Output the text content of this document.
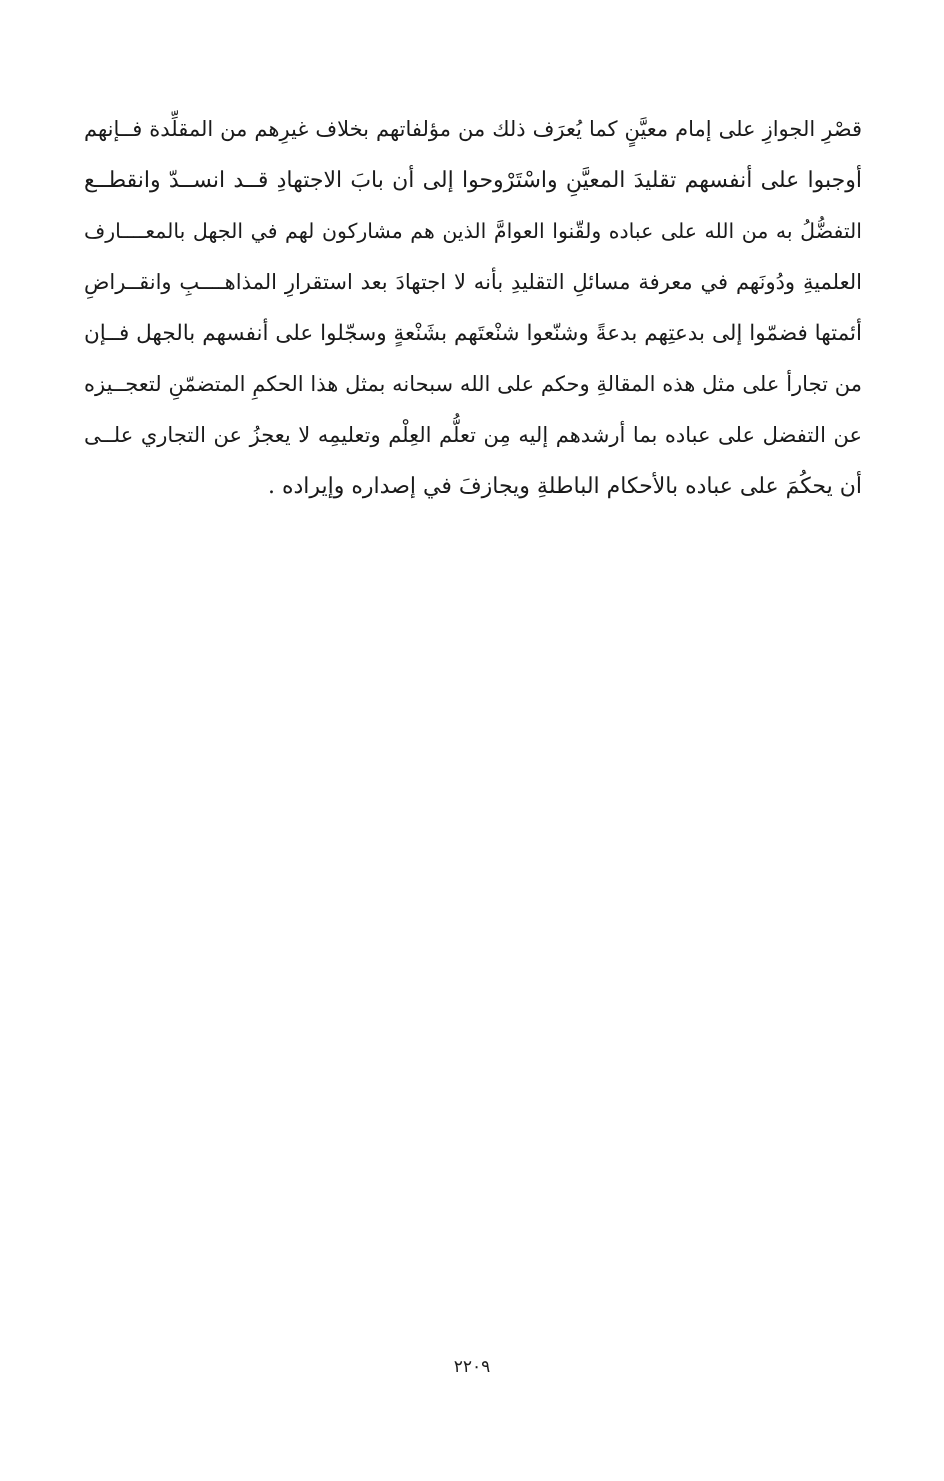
قصْرِ الجوازِ على إمام معيَّنٍ كما يُعرَف ذلك من مؤلفاتهم بخلاف غيرِهم من المقلِّدة فــإنهم
أوجبوا على أنفسهم تقليدَ المعيَّنِ واسْتَرْوحوا إلى أن بابَ الاجتهادِ قــد انســدّ وانقطــع
التفضُّلُ به من الله على عباده ولقّنوا العوامَّ الذين هم مشاركون لهم في الجهل بالمعــــارف
العلميةِ ودُونَهم في معرفة مسائلِ التقليدِ بأنه لا اجتهادَ بعد استقرارِ المذاهــــبِ وانقــراضِ
أئمتها فضمّوا إلى بدعتِهم بدعةً وشنّعوا شنْعتَهم بشَنْعةٍ وسجّلوا على أنفسهم بالجهل فــإن
من تجارأ على مثل هذه المقالةِ وحكم على الله سبحانه بمثل هذا الحكمِ المتضمّنِ لتعجــيزه
عن التفضل على عباده بما أرشدهم إليه مِن تعلُّم العِلْم وتعليمِه لا يعجزُ عن التجاري علــى
أن يحكُمَ على عباده بالأحكام الباطلةِ ويجازفَ في إصداره وإيراده .
٢٢٠٩
